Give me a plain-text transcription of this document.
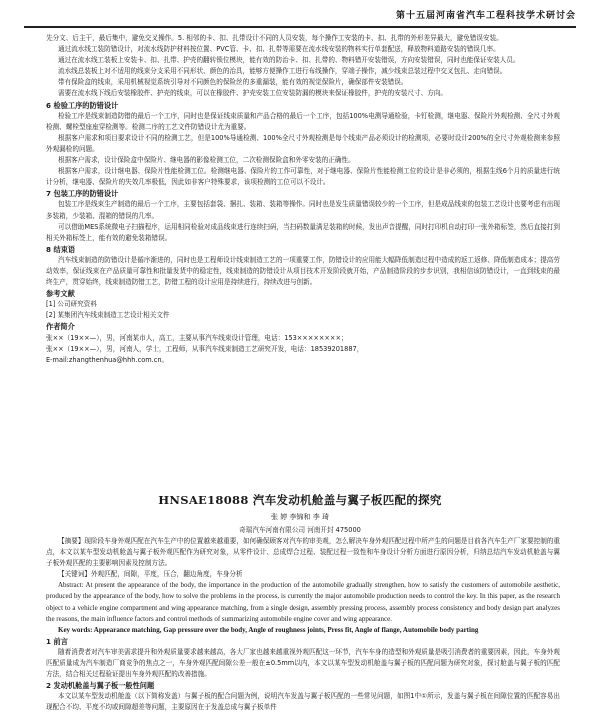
第十五届河南省汽车工程科技学术研讨会

先分文、后主干，最后集中，避免交叉操作。5. 相邻的卡、扣、扎带设计不同的人员安装，每个操作工安装的卡、扣、扎带的外形差异最大，避免错误安装。

通过流水线工装防错设计，对流水线防护材料按位置、PVC管、卡、扣、扎带等需要在流水线安装的物料实行单套配送，释放物料道路安装的错误几率。

通过在流水线工装板上安装卡、扣、扎带、护壳的翻转锁位模块，能有效的防治卡、扣、扎带的、物料错开安装错误，方向安装错误，同时也能保证安装人员。

流水线总装板上对不适用的线束分支采用不同形状、颜色的治具，能够方便操作工进行布线操作，穿端子操作，减少线束总装过程中交叉包扎、走向错误。

带有保险盒的线束，采用机械视觉系统引导对不同颜色的保险丝的多重漏装，能有效的视觉保险片，确保部件安装错误。

需要在流水线下线后安装橡胶件、护壳的线束，可以在橡胶件、护壳安装工位安装防漏的模块来保证橡胶件，护壳的安装尺寸、方向。

6 检验工序的防错设计

检验工序是线束制造防错的最后一个工序，同时也是保证线束质量和产品合格的最后一个工序，包括100%电测导通检验，卡钉检测，继电器、保险片外观检测、全尺寸外观检测、螺栓型座座穿检测等。检测二序的工艺文件防错设计尤为重要。

根据客户需求和项目要求设计不同的检测工艺，但是100%导通检测、100%全尺寸外观检测是每个线束产品必须设计的检测项，必要时设计200%的全尺寸外观检测来参照外观漏检的问题。

根据客户需求，设计保险盒中保险片、继电器的影像检测工位，二次检测保险盒和外零安装的正确性。

根据客户需求，设计继电器、保险片性能检测工位。检测继电器、保险片的工作可靠性，对于继电器、保险片性能检测工位的设计是非必须的，根据生线6个月的质量进行统计分析，继电器、保险片的失效几率极低，因此如非客户特殊要求，该项检测的工位可以不设计。

7 包装工序的防错设计

包装工序是线束生产制造的最后一个工序，主要包括套袋、捆扎、装箱、装箱等操作。同时也是发生质量错误较少的一个工序，但是成品线束的包装工艺设计也要考虑有出现多装箱，少装箱、混箱的错误的几率。

可以借助MES系统微电子扫描程序，运用相同检验对成品线束进行连续扫码，当扫码数量满足装箱的时候，发出声音提醒，同时打印机自动打印一张外箱标签，然后直接打到相关外箱标签上，能有效的避免装箱错误。

8 结束语

汽车线束制造的防错设计是循序渐进的，同时也是工程师设计线束制造工艺的一项重要工作，防错设计的应用能大幅降低制造过程中造成的返工返修、降低制造成本；提高劳动效率，保证线束在产品质量可靠性和批量发货中的稳定性，线束制造的防错设计从项目技术开发阶段就开始，产品制造阶段的步步识别，我相信该防错设计，一直到线束的最终生产，贯穿始终，线束制造防错工艺，防错工程的设计应用是持续进行，持续改进与创新。

参考文献

[1] 公司研究资料

[2] 某集团汽车线束制造工艺设计相关文件

作者简介

张××（19××—），男，河南某市人，高工，主要从事汽车线束设计管理，电话：153××××××××；

张××（19××—），男，河南人，学士，工程师，从事汽车线束制造工艺研究开发，电话：18539201887，

E-mail:zhangthenhua@hhh.com.cn。

HNSAE18088 汽车发动机舱盖与翼子板匹配的探究
张 婷 李锦和 李 琦
奇瑞汽车河南有限公司 河南开封 475000

【摘要】现阶段车身外观匹配在汽车生产中的位置越来越重要，如何确保顾客对汽车的审美观，怎么解决车身外观匹配过程中所产生的问题是目前各汽车生产厂家要控制的重点，本文以某车型发动机舱盖与翼子板外观匹配作为研究对象，从零件设计、总成焊合过程、装配过程一致性和车身设计分析方面进行原因分析，归纳总结汽车发动机舱盖与翼子板外观匹配的主要影响因素及控制方法。

【关键词】外观匹配，间隙，平度，压合，翻边角度，车身分析

Abstract: At present the appearance of the body, the importance in the production of the automobile gradually strengthen, how to satisfy the customers of automobile aesthetic, produced by the appearance of the body, how to solve the problems in the process, is currently the major automobile production needs to control the key. In this paper, as the research object to a vehicle engine compartment and wing appearance matching, from a single design, assembly pressing process, assembly process consistency and body design part analyzes the reasons, the main influence factors and control methods of summarizing automobile engine cover and wing appearance.

Key words: Appearance matching, Gap pressure over the body, Angle of roughness joints, Press fit, Angle of flange, Automobile body parting

1 前言

随着消费者对汽车审美需求提升和外观质量要求越来越高，各大厂家也越来越重视外观匹配这一环节，汽车车身的造型和外观质量是吸引消费者的重要因素，因此，车身外观匹配质量成为汽车制造厂商竞争的焦点之一，车身外观匹配间隙公差一般在±0.5mm以内，本文以某车型发动机舱盖与翼子板的匹配问题为研究对象，探讨舱盖与翼子板的匹配方法，结合相关过程验证提出车身外观匹配的改善措施。

2 发动机舱盖与翼子板一般性问题

本文以某车型发动机舱盖（以下简称发盖）与翼子板的配合问题为例，说明汽车发盖与翼子板匹配的一些常见问题，如图1中①所示，发盖与翼子板在间隙位置的匹配容易出现配合不均、平度不均或间隙超差等问题，主要原因在于发盖总成与翼子板单件
